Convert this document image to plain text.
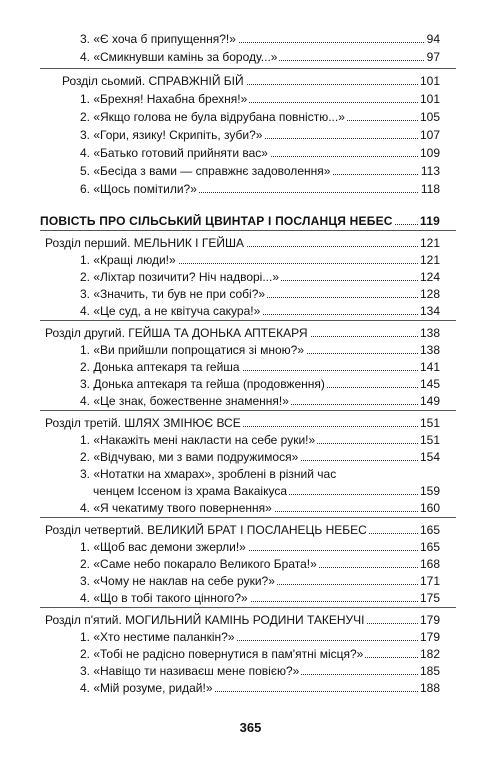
3. «Є хоча б припущення?!»	94
4. «Смикнувши камінь за бороду...»	97
Розділ сьомий. СПРАВЖНІЙ БІЙ	101
1. «Брехня! Нахабна брехня!»	101
2. «Якщо голова не була відрубана повністю...»	105
3. «Гори, язику! Скрипіть, зуби?»	107
4. «Батько готовий прийняти вас»	109
5. «Бесіда з вами — справжнє задоволення»	113
6. «Щось помітили?»	118
ПОВІСТЬ ПРО СІЛЬСЬКИЙ ЦВИНТАР І ПОСЛАНЦЯ НЕБЕС 119
Розділ перший. МЕЛЬНИК І ГЕЙША	121
1. «Кращі люди!»	121
2. «Ліхтар позичити? Ніч надворі...»	124
3. «Значить, ти був не при собі?»	128
4. «Це суд, а не квітуча сакура!»	134
Розділ другий. ГЕЙША ТА ДОНЬКА АПТЕКАРЯ	138
1. «Ви прийшли попрощатися зі мною?»	138
2. Донька аптекаря та гейша	141
3. Донька аптекаря та гейша (продовження)	145
4. «Це знак, божественне знамення!»	149
Розділ третій. ШЛЯХ ЗМІНЮЄ ВСЕ	151
1. «Накажіть мені накласти на себе руки!»	151
2. «Відчуваю, ми з вами подружимося»	154
3. «Нотатки на хмарах», зроблені в різний час
ченцем Іссеном із храма Вакаікуса	159
4. «Я чекатиму твого повернення»	160
Розділ четвертий. ВЕЛИКИЙ БРАТ І ПОСЛАНЕЦЬ НЕБЕС	165
1. «Щоб вас демони зжерли!»	165
2. «Саме небо покарало Великого Брата!»	168
3. «Чому не наклав на себе руки?»	171
4. «Що в тобі такого цінного?»	175
Розділ п'ятий. МОГИЛЬНИЙ КАМІНЬ РОДИНИ ТАКЕНУЧІ	179
1. «Хто нестиме паланкін?»	179
2. «Тобі не радісно повернутися в пам'ятні місця?»	182
3. «Навіщо ти називаєш мене повією?»	185
4. «Мій розуме, ридай!»	188
365
